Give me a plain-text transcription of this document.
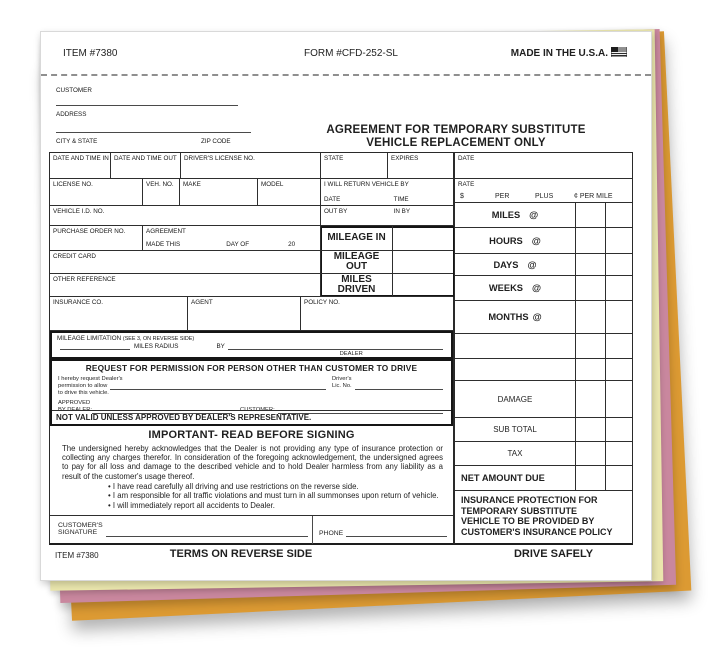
ITEM #7380	FORM #CFD-252-SL	MADE IN THE U.S.A.
CUSTOMER
ADDRESS
CITY & STATE	ZIP CODE
AGREEMENT FOR TEMPORARY SUBSTITUTE
VEHICLE REPLACEMENT ONLY
DATE AND TIME IN DATE AND TIME OUT	DRIVER'S LICENSE NO.	STATE	EXPIRES
LICENSE NO.	VEH. NO.	MAKE	MODEL	I WILL RETURN VEHICLE BY
DATE	TIME
VEHICLE I.D. NO.	OUT BY	IN BY
PURCHASE ORDER NO.	AGREEMENT
MADE THIS	DAY OF	20
MILEAGE IN
CREDIT CARD	MILEAGE OUT
OTHER REFERENCE	MILES DRIVEN
INSURANCE CO.	AGENT	POLICY NO.
MILEAGE LIMITATION (SEE 3, ON REVERSE SIDE)
MILES RADIUS	BY
DEALER
REQUEST FOR PERMISSION FOR PERSON OTHER THAN CUSTOMER TO DRIVE
I hereby request Dealer's
permission to allow
to drive this vehicle.
Driver's
Lic. No.
APPROVED
BY DEALER:	CUSTOMER:
NOT VALID UNLESS APPROVED BY DEALER'S REPRESENTATIVE.
IMPORTANT- READ BEFORE SIGNING
The undersigned hereby acknowledges that the Dealer is not providing any type of insurance protection or collecting any charges therefor. In consideration of the foregoing acknowledgement, the undersigned agrees to pay for all loss and damage to the described vehicle and to hold Dealer harmless from any liability as a result of the customer's usage thereof.
• I have read carefully all driving and use restrictions on the reverse side.
• I am responsible for all traffic violations and must turn in all summonses upon return of vehicle.
• I will immediately report all accidents to Dealer.
CUSTOMER'S
SIGNATURE	PHONE
DATE
RATE
$	PER	PLUS	¢ PER MILE
MILES @
HOURS @
DAYS @
WEEKS @
MONTHS @
DAMAGE
SUB TOTAL
TAX
NET AMOUNT DUE
INSURANCE PROTECTION FOR
TEMPORARY SUBSTITUTE
VEHICLE TO BE PROVIDED BY
CUSTOMER'S INSURANCE POLICY
ITEM #7380	TERMS ON REVERSE SIDE	DRIVE SAFELY
